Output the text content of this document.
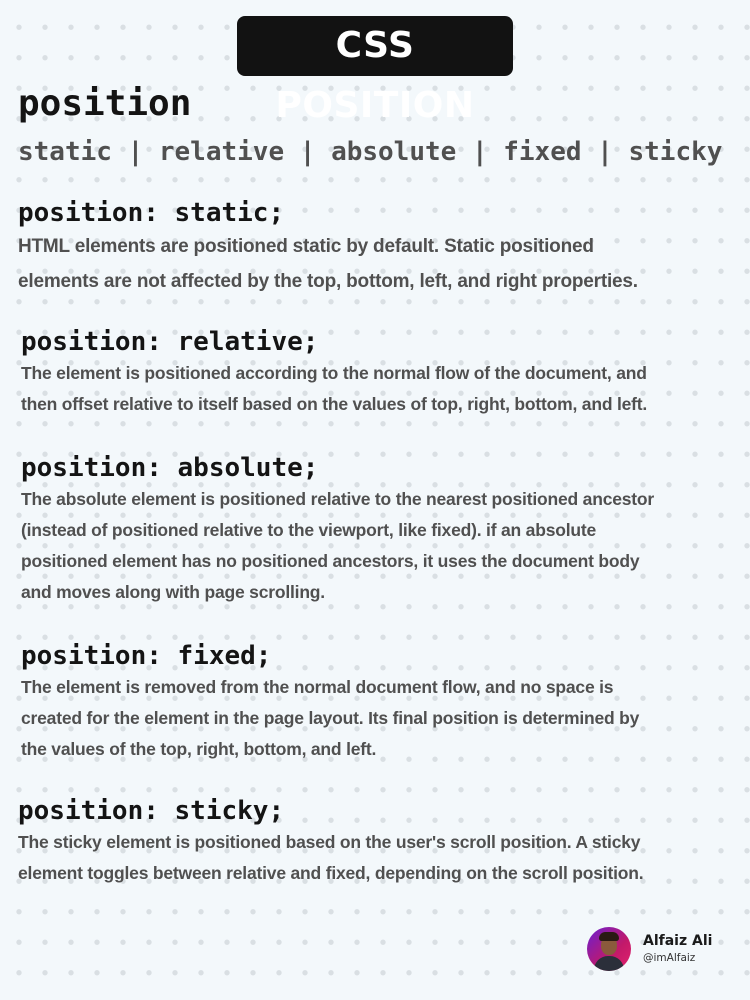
CSS POSITION
position

static | relative | absolute | fixed | sticky

position: static;

HTML elements are positioned static by default. Static positioned
elements are not affected by the top, bottom, left, and right properties.

position: relative;

The element is positioned according to the normal flow of the document, and
then offset relative to itself based on the values of top, right, bottom, and left.

position: absolute;

The absolute element is positioned relative to the nearest positioned ancestor
(instead of positioned relative to the viewport, like fixed). if an absolute
positioned element has no positioned ancestors, it uses the document body
and moves along with page scrolling.

position: fixed;

The element is removed from the normal document flow, and no space is
created for the element in the page layout. Its final position is determined by
the values of the top, right, bottom, and left.

position: sticky;

The sticky element is positioned based on the user's scroll position. A sticky
element toggles between relative and fixed, depending on the scroll position.

Alfaiz Ali
@imAlfaiz
